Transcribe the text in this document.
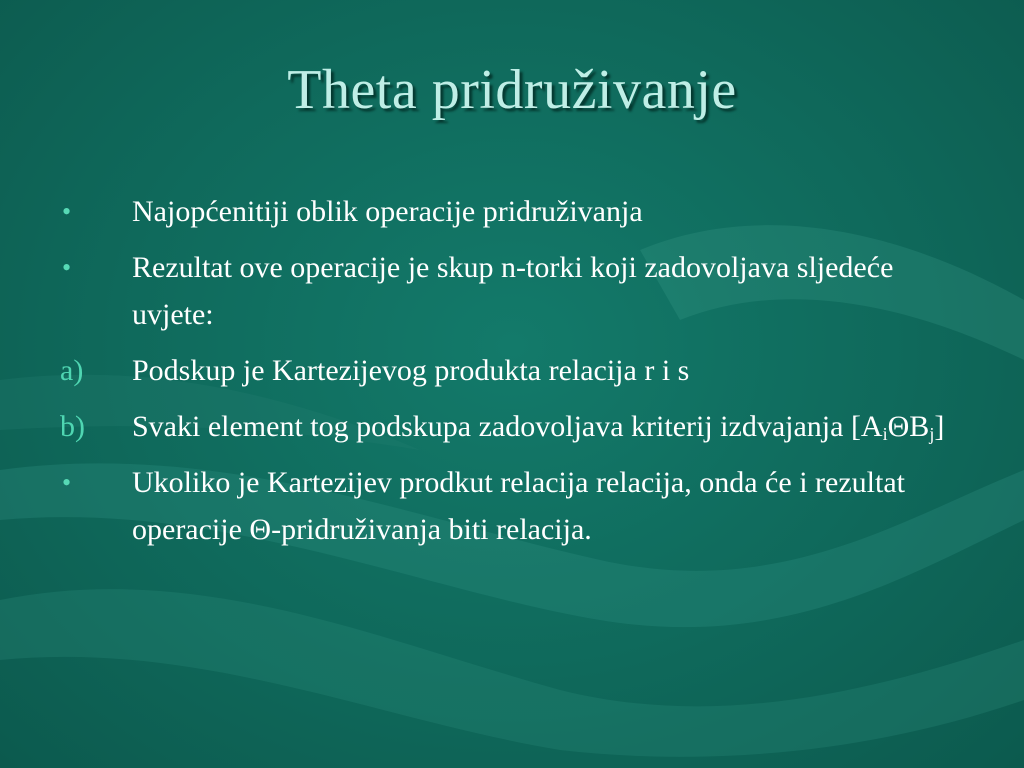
Theta pridruživanje
•	Najopćenitiji oblik operacije pridruživanja
•	Rezultat ove operacije je skup n-torki koji zadovoljava sljedeće uvjete:
a)	Podskup je Kartezijevog produkta relacija r i s
b)	Svaki element tog podskupa zadovoljava kriterij izdvajanja $[A_i\Theta B_j]$
•	Ukoliko je Kartezijev prodkut relacija relacija, onda će i rezultat operacije Θ-pridruživanja biti relacija.
